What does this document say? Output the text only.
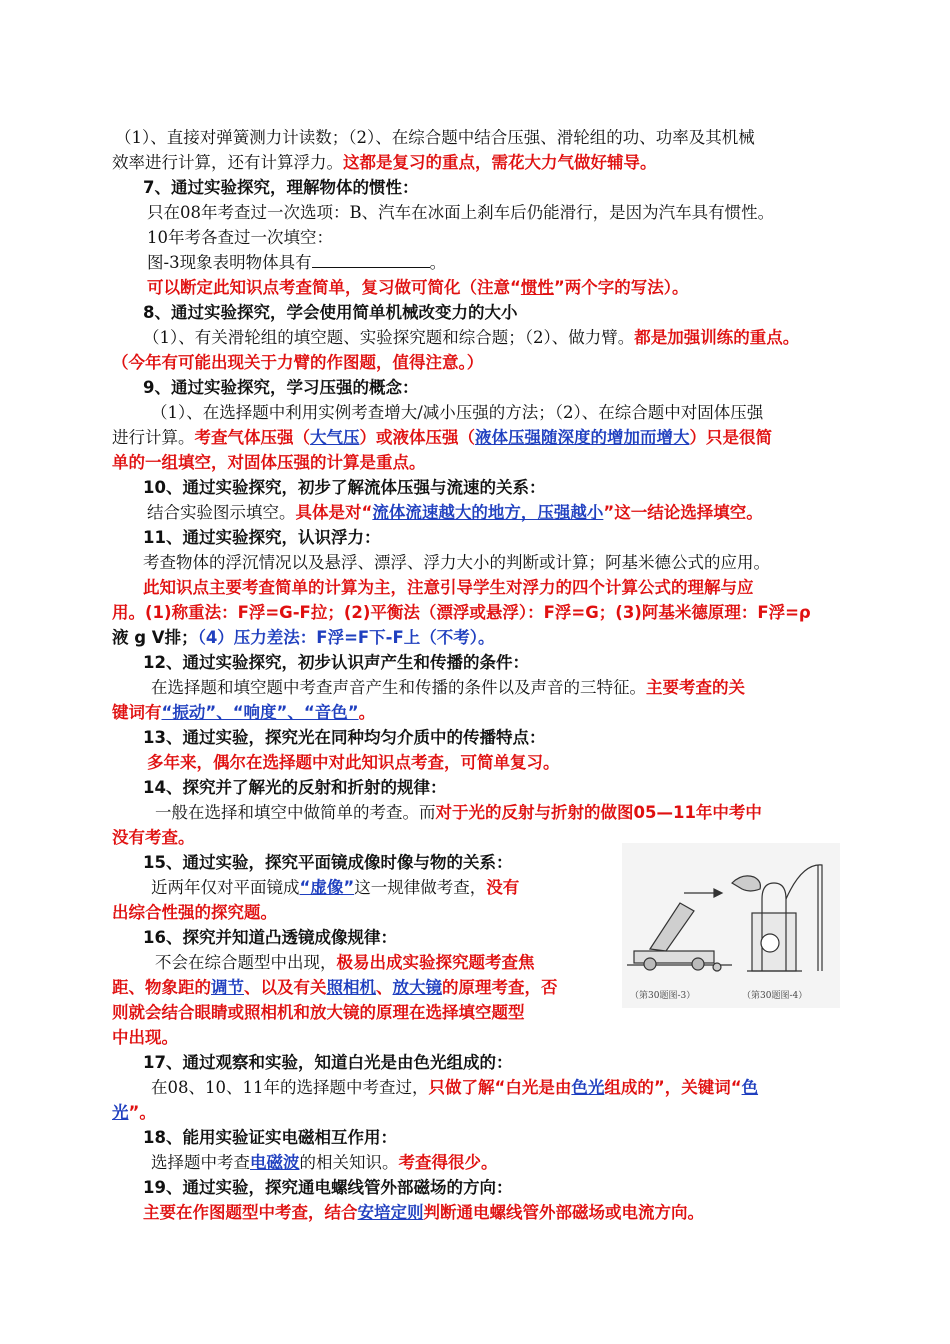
（1）、直接对弹簧测力计读数；（2）、在综合题中结合压强、滑轮组的功、功率及其机械
效率进行计算，还有计算浮力。这都是复习的重点，需花大力气做好辅导。
7、通过实验探究，理解物体的惯性：
只在08年考查过一次选项：B、汽车在冰面上刹车后仍能滑行，是因为汽车具有惯性。
10年考各查过一次填空：
图-3现象表明物体具有	。
可以断定此知识点考查简单，复习做可简化（注意“惯性”两个字的写法）。
8、通过实验探究，学会使用简单机械改变力的大小
（1）、有关滑轮组的填空题、实验探究题和综合题；（2）、做力臂。都是加强训练的重点。
（今年有可能出现关于力臂的作图题，值得注意。）
9、通过实验探究，学习压强的概念：
（1）、在选择题中利用实例考查增大/减小压强的方法；（2）、在综合题中对固体压强
进行计算。考查气体压强（大气压）或液体压强（液体压强随深度的增加而增大）只是很简
单的一组填空，对固体压强的计算是重点。
10、通过实验探究，初步了解流体压强与流速的关系：
结合实验图示填空。具体是对“流体流速越大的地方，压强越小”这一结论选择填空。
11、通过实验探究，认识浮力：
考查物体的浮沉情况以及悬浮、漂浮、浮力大小的判断或计算；阿基米德公式的应用。
此知识点主要考查简单的计算为主，注意引导学生对浮力的四个计算公式的理解与应
用。(1)称重法：F浮=G-F拉；(2)平衡法（漂浮或悬浮）：F浮=G；(3)阿基米德原理：F浮=ρ
液 g V排；（4）压力差法：F浮=F下-F上（不考）。
12、通过实验探究，初步认识声产生和传播的条件：
在选择题和填空题中考查声音产生和传播的条件以及声音的三特征。主要考查的关
键词有“振动”、“响度”、“音色”。
13、通过实验，探究光在同种均匀介质中的传播特点：
多年来，偶尔在选择题中对此知识点考查，可简单复习。
14、探究并了解光的反射和折射的规律：
一般在选择和填空中做简单的考查。而对于光的反射与折射的做图05—11年中考中
没有考查。
15、通过实验，探究平面镜成像时像与物的关系：
近两年仅对平面镜成“虚像”这一规律做考查，没有
出综合性强的探究题。
16、探究并知道凸透镜成像规律：
不会在综合题型中出现，极易出成实验探究题考查焦
距、物象距的调节、以及有关照相机、放大镜的原理考查，否
则就会结合眼睛或照相机和放大镜的原理在选择填空题型
中出现。
17、通过观察和实验，知道白光是由色光组成的：
在08、10、11年的选择题中考查过，只做了解“白光是由色光组成的”，关键词“色
光”。
18、能用实验证实电磁相互作用：
选择题中考查电磁波的相关知识。考查得很少。
19、通过实验，探究通电螺线管外部磁场的方向：
主要在作图题型中考查，结合安培定则判断通电螺线管外部磁场或电流方向。
（第30题图-3）	（第30题图-4）
